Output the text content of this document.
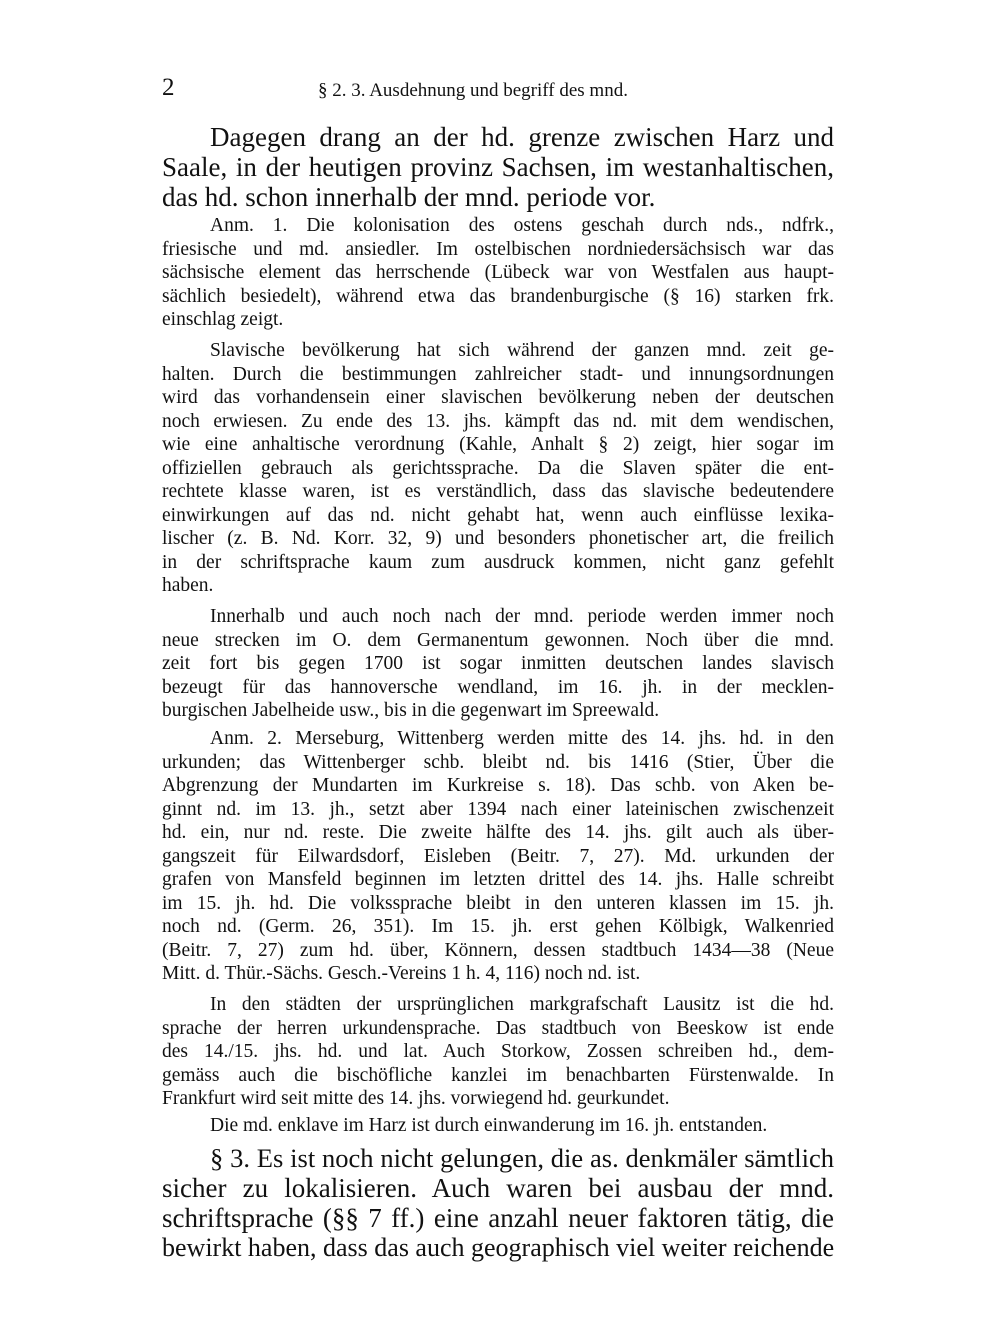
2	§ 2. 3. Ausdehnung und begriff des mnd.
Dagegen drang an der hd. grenze zwischen Harz und
Saale, in der heutigen provinz Sachsen, im westanhaltischen,
das hd. schon innerhalb der mnd. periode vor.
Anm. 1. Die kolonisation des ostens geschah durch nds., ndfrk.,
friesische und md. ansiedler. Im ostelbischen nordniedersächsisch war das
sächsische element das herrschende (Lübeck war von Westfalen aus haupt-
sächlich besiedelt), während etwa das brandenburgische (§ 16) starken frk.
einschlag zeigt.
Slavische bevölkerung hat sich während der ganzen mnd. zeit ge-
halten. Durch die bestimmungen zahlreicher stadt- und innungsordnungen
wird das vorhandensein einer slavischen bevölkerung neben der deutschen
noch erwiesen. Zu ende des 13. jhs. kämpft das nd. mit dem wendischen,
wie eine anhaltische verordnung (Kahle, Anhalt § 2) zeigt, hier sogar im
offiziellen gebrauch als gerichtssprache. Da die Slaven später die ent-
rechtete klasse waren, ist es verständlich, dass das slavische bedeutendere
einwirkungen auf das nd. nicht gehabt hat, wenn auch einflüsse lexika-
lischer (z. B. Nd. Korr. 32, 9) und besonders phonetischer art, die freilich
in der schriftsprache kaum zum ausdruck kommen, nicht ganz gefehlt
haben.
Innerhalb und auch noch nach der mnd. periode werden immer noch
neue strecken im O. dem Germanentum gewonnen. Noch über die mnd.
zeit fort bis gegen 1700 ist sogar inmitten deutschen landes slavisch
bezeugt für das hannoversche wendland, im 16. jh. in der mecklen-
burgischen Jabelheide usw., bis in die gegenwart im Spreewald.
Anm. 2. Merseburg, Wittenberg werden mitte des 14. jhs. hd. in den
urkunden; das Wittenberger schb. bleibt nd. bis 1416 (Stier, Über die
Abgrenzung der Mundarten im Kurkreise s. 18). Das schb. von Aken be-
ginnt nd. im 13. jh., setzt aber 1394 nach einer lateinischen zwischenzeit
hd. ein, nur nd. reste. Die zweite hälfte des 14. jhs. gilt auch als über-
gangszeit für Eilwardsdorf, Eisleben (Beitr. 7, 27). Md. urkunden der
grafen von Mansfeld beginnen im letzten drittel des 14. jhs. Halle schreibt
im 15. jh. hd. Die volkssprache bleibt in den unteren klassen im 15. jh.
noch nd. (Germ. 26, 351). Im 15. jh. erst gehen Kölbigk, Walkenried
(Beitr. 7, 27) zum hd. über, Könnern, dessen stadtbuch 1434—38 (Neue
Mitt. d. Thür.-Sächs. Gesch.-Vereins 1 h. 4, 116) noch nd. ist.
In den städten der ursprünglichen markgrafschaft Lausitz ist die hd.
sprache der herren urkundensprache. Das stadtbuch von Beeskow ist ende
des 14./15. jhs. hd. und lat. Auch Storkow, Zossen schreiben hd., dem-
gemäss auch die bischöfliche kanzlei im benachbarten Fürstenwalde. In
Frankfurt wird seit mitte des 14. jhs. vorwiegend hd. geurkundet.
Die md. enklave im Harz ist durch einwanderung im 16. jh. entstanden.
§ 3. Es ist noch nicht gelungen, die as. denkmäler sämtlich
sicher zu lokalisieren. Auch waren bei ausbau der mnd.
schriftsprache (§§ 7 ff.) eine anzahl neuer faktoren tätig, die
bewirkt haben, dass das auch geographisch viel weiter reichende
